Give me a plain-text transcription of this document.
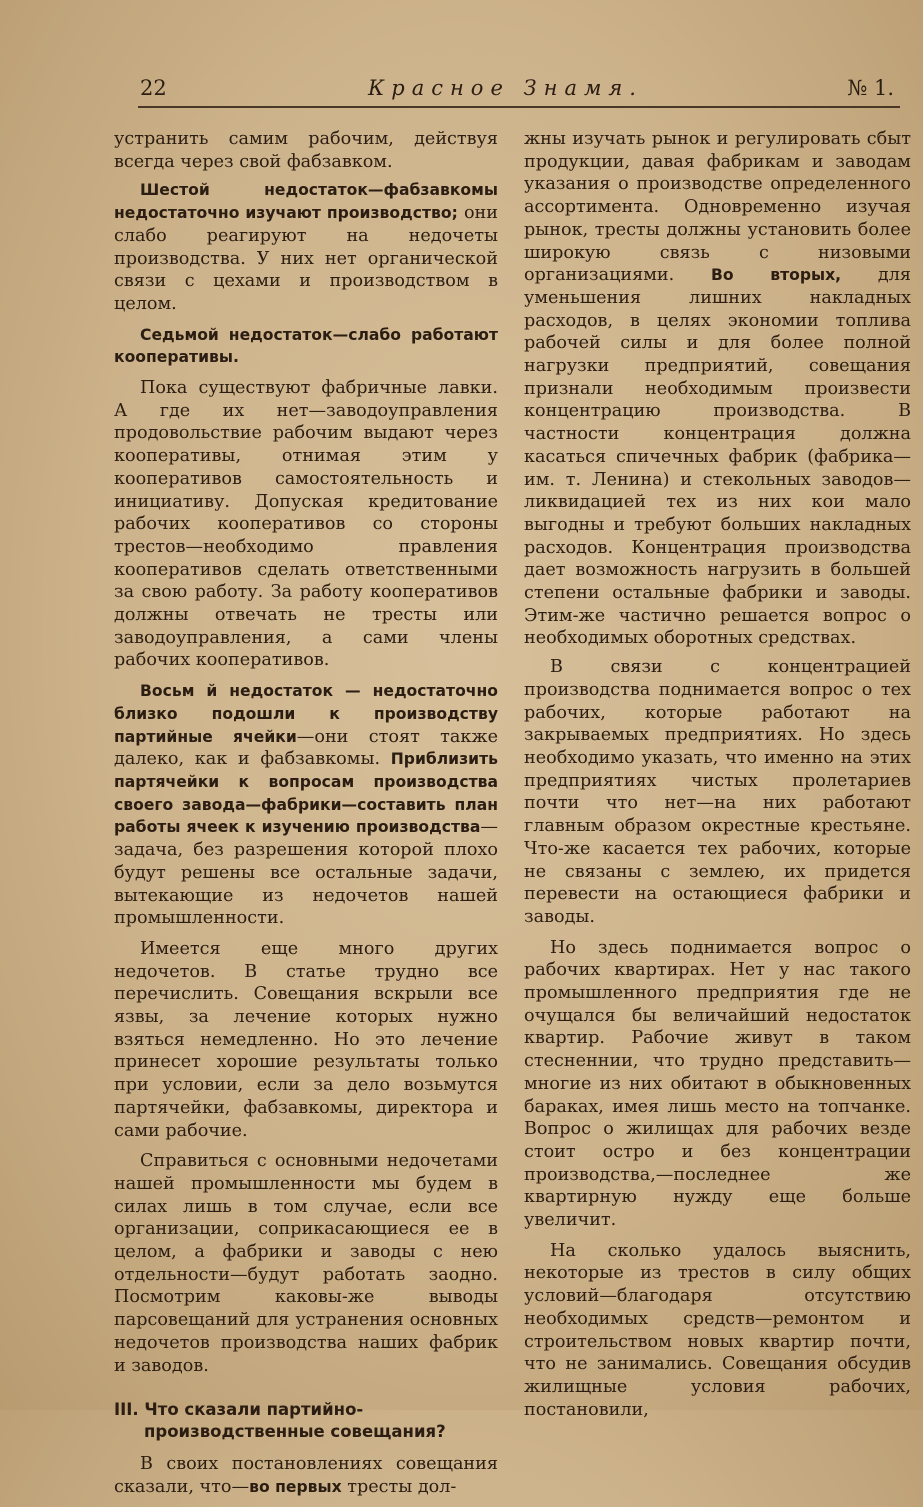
22	Красное Знамя.	№ 1.

устранить самим рабочим, действуя всегда через свой фабзавком.

Шестой недостаток—фабзавкомы недостаточно изучают производство; они слабо реагируют на недочеты производства. У них нет органической связи с цехами и производством в целом.

Седьмой недостаток—слабо работают кооперативы.

Пока существуют фабричные лавки. А где их нет—заводоуправления продовольствие рабочим выдают через кооперативы, отнимая этим у кооперативов самостоятельность и инициативу. Допуская кредитование рабочих кооперативов со стороны трестов—необходимо правления кооперативов сделать ответственными за свою работу. За работу кооперативов должны отвечать не тресты или заводоуправления, а сами члены рабочих кооперативов.

Восьм й недостаток — недостаточно близко подошли к производству партийные ячейки—они стоят также далеко, как и фабзавкомы. Приблизить партячейки к вопросам производства своего завода—фабрики—составить план работы ячеек к изучению производства—задача, без разрешения которой плохо будут решены все остальные задачи, вытекающие из недочетов нашей промышленности.

Имеется еще много других недочетов. В статье трудно все перечислить. Совещания вскрыли все язвы, за лечение которых нужно взяться немедленно. Но это лечение принесет хорошие результаты только при условии, если за дело возьмутся партячейки, фабзавкомы, директора и сами рабочие.

Справиться с основными недочетами нашей промышленности мы будем в силах лишь в том случае, если все организации, соприкасающиеся ее в целом, а фабрики и заводы с нею отдельности—будут работать заодно. Посмотрим каковы-же выводы парсовещаний для устранения основных недочетов производства наших фабрик и заводов.

III. Что сказали партийно-производственные совещания?

В своих постановлениях совещания сказали, что—во первых тресты дол-

жны изучать рынок и регулировать сбыт продукции, давая фабрикам и заводам указания о производстве определенного ассортимента. Одновременно изучая рынок, тресты должны установить более широкую связь с низовыми организациями. Во вторых, для уменьшения лишних накладных расходов, в целях экономии топлива рабочей силы и для более полной нагрузки предприятий, совещания признали необходимым произвести концентрацию производства. В частности концентрация должна касаться спичечных фабрик (фабрика—им. т. Ленина) и стекольных заводов—ликвидацией тех из них кои мало выгодны и требуют больших накладных расходов. Концентрация производства дает возможность нагрузить в большей степени остальные фабрики и заводы. Этим-же частично решается вопрос о необходимых оборотных средствах.

В связи с концентрацией производства поднимается вопрос о тех рабочих, которые работают на закрываемых предприятиях. Но здесь необходимо указать, что именно на этих предприятиях чистых пролетариев почти что нет—на них работают главным образом окрестные крестьяне. Что-же касается тех рабочих, которые не связаны с землею, их придется перевести на остающиеся фабрики и заводы.

Но здесь поднимается вопрос о рабочих квартирах. Нет у нас такого промышленного предприятия где не очущался бы величайший недостаток квартир. Рабочие живут в таком стесненнии, что трудно представить—многие из них обитают в обыкновенных бараках, имея лишь место на топчанке. Вопрос о жилищах для рабочих везде стоит остро и без концентрации производства,—последнее же квартирную нужду еще больше увеличит.

На сколько удалось выяснить, некоторые из трестов в силу общих условий—благодаря отсутствию необходимых средств—ремонтом и строительством новых квартир почти, что не занимались. Совещания обсудив жилищные условия рабочих, постановили,
